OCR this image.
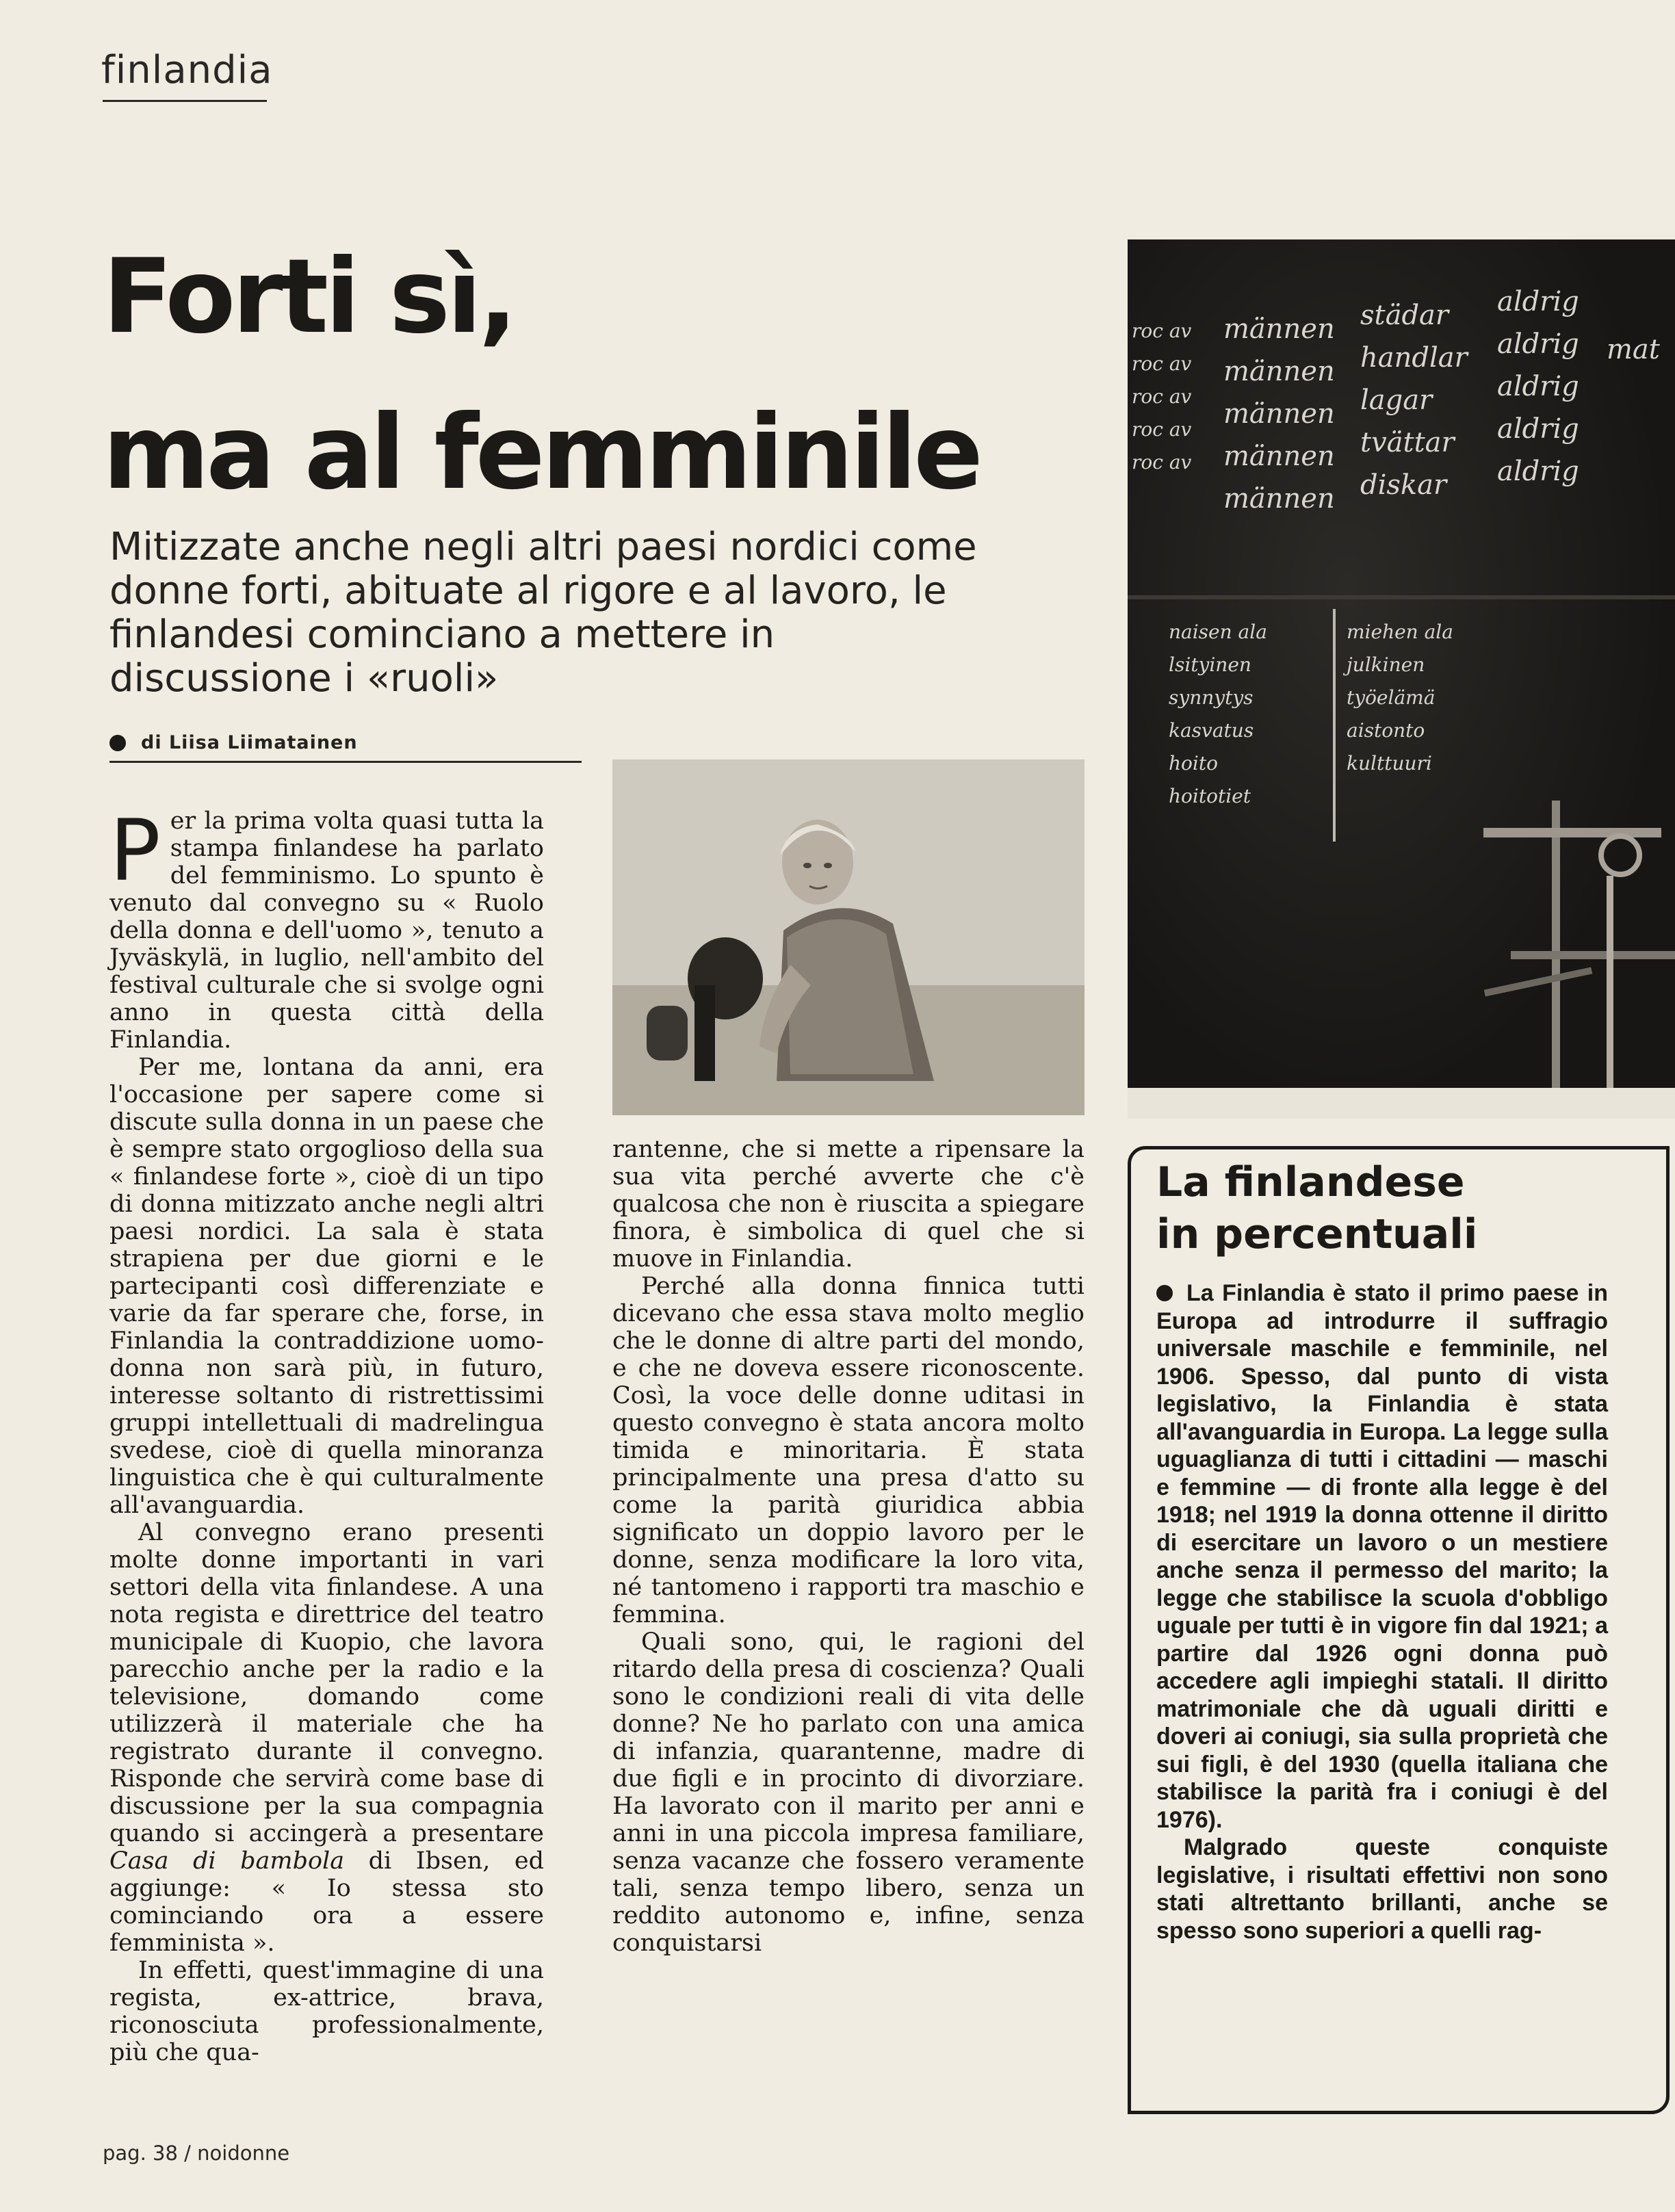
finlandia
Forti sì,
ma al femminile
Mitizzate anche negli altri paesi nordici come donne forti, abituate al rigore e al lavoro, le finlandesi cominciano a mettere in discussione i «ruoli»
di Liisa Liimatainen

P er la prima volta quasi tutta la stampa finlandese ha parlato del femminismo. Lo spunto è venuto dal convegno su « Ruolo della donna e dell'uomo », tenuto a Jyväskylä, in luglio, nell'ambito del festival culturale che si svolge ogni anno in questa città della Finlandia.

Per me, lontana da anni, era l'occasione per sapere come si discute sulla donna in un paese che è sempre stato orgoglioso della sua « finlandese forte », cioè di un tipo di donna mitizzato anche negli altri paesi nordici. La sala è stata strapiena per due giorni e le partecipanti così differenziate e varie da far sperare che, forse, in Finlandia la contraddizione uomo-donna non sarà più, in futuro, interesse soltanto di ristrettissimi gruppi intellettuali di madrelingua svedese, cioè di quella minoranza linguistica che è qui culturalmente all'avanguardia.

Al convegno erano presenti molte donne importanti in vari settori della vita finlandese. A una nota regista e direttrice del teatro municipale di Kuopio, che lavora parecchio anche per la radio e la televisione, domando come utilizzerà il materiale che ha registrato durante il convegno. Risponde che servirà come base di discussione per la sua compagnia quando si accingerà a presentare Casa di bambola di Ibsen, ed aggiunge: « Io stessa sto cominciando ora a essere femminista ».

In effetti, quest'immagine di una regista, ex-attrice, brava, riconosciuta professionalmente, più che qua-

roc av
roc av
roc av
roc av
roc av
männen
männen
männen
männen
männen
städar
handlar
lagar
tvättar
diskar
aldrig
aldrig
aldrig
aldrig
aldrig
mat
naisen ala
lsityinen
synnytys
kasvatus
hoito
hoitotiet
miehen ala
julkinen
työelämä
aistonto
kulttuuri

rantenne, che si mette a ripensare la sua vita perché avverte che c'è qualcosa che non è riuscita a spiegare finora, è simbolica di quel che si muove in Finlandia.

Perché alla donna finnica tutti dicevano che essa stava molto meglio che le donne di altre parti del mondo, e che ne doveva essere riconoscente. Così, la voce delle donne uditasi in questo convegno è stata ancora molto timida e minoritaria. È stata principalmente una presa d'atto su come la parità giuridica abbia significato un doppio lavoro per le donne, senza modificare la loro vita, né tantomeno i rapporti tra maschio e femmina.

Quali sono, qui, le ragioni del ritardo della presa di coscienza? Quali sono le condizioni reali di vita delle donne? Ne ho parlato con una amica di infanzia, quarantenne, madre di due figli e in procinto di divorziare. Ha lavorato con il marito per anni e anni in una piccola impresa familiare, senza vacanze che fossero veramente tali, senza tempo libero, senza un reddito autonomo e, infine, senza conquistarsi

La finlandese
in percentuali

La Finlandia è stato il primo paese in Europa ad introdurre il suffragio universale maschile e femminile, nel 1906. Spesso, dal punto di vista legislativo, la Finlandia è stata all'avanguardia in Europa. La legge sulla uguaglianza di tutti i cittadini — maschi e femmine — di fronte alla legge è del 1918; nel 1919 la donna ottenne il diritto di esercitare un lavoro o un mestiere anche senza il permesso del marito; la legge che stabilisce la scuola d'obbligo uguale per tutti è in vigore fin dal 1921; a partire dal 1926 ogni donna può accedere agli impieghi statali. Il diritto matrimoniale che dà uguali diritti e doveri ai coniugi, sia sulla proprietà che sui figli, è del 1930 (quella italiana che stabilisce la parità fra i coniugi è del 1976).

Malgrado queste conquiste legislative, i risultati effettivi non sono stati altrettanto brillanti, anche se spesso sono superiori a quelli rag-

pag. 38 / noidonne
